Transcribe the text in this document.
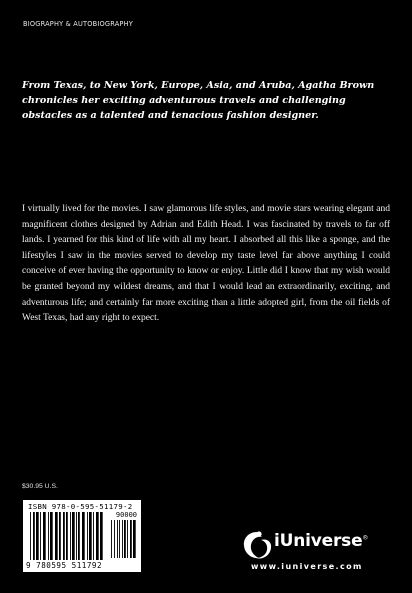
BIOGRAPHY & AUTOBIOGRAPHY
From Texas, to New York, Europe, Asia, and Aruba, Agatha Brown chronicles her exciting adventurous travels and challenging obstacles as a talented and tenacious fashion designer.
I virtually lived for the movies. I saw glamorous life styles, and movie stars wearing elegant and magnificent clothes designed by Adrian and Edith Head. I was fascinated by travels to far off lands. I yearned for this kind of life with all my heart. I absorbed all this like a sponge, and the lifestyles I saw in the movies served to develop my taste level far above anything I could conceive of ever having the opportunity to know or enjoy. Little did I know that my wish would be granted beyond my wildest dreams, and that I would lead an extraordinarily, exciting, and adventurous life; and certainly far more exciting than a little adopted girl, from the oil fields of West Texas, had any right to expect.
$30.95 U.S.
ISBN 978-0-595-51179-2
90000
9 780595 511792
iUniverse®
www.iuniverse.com
